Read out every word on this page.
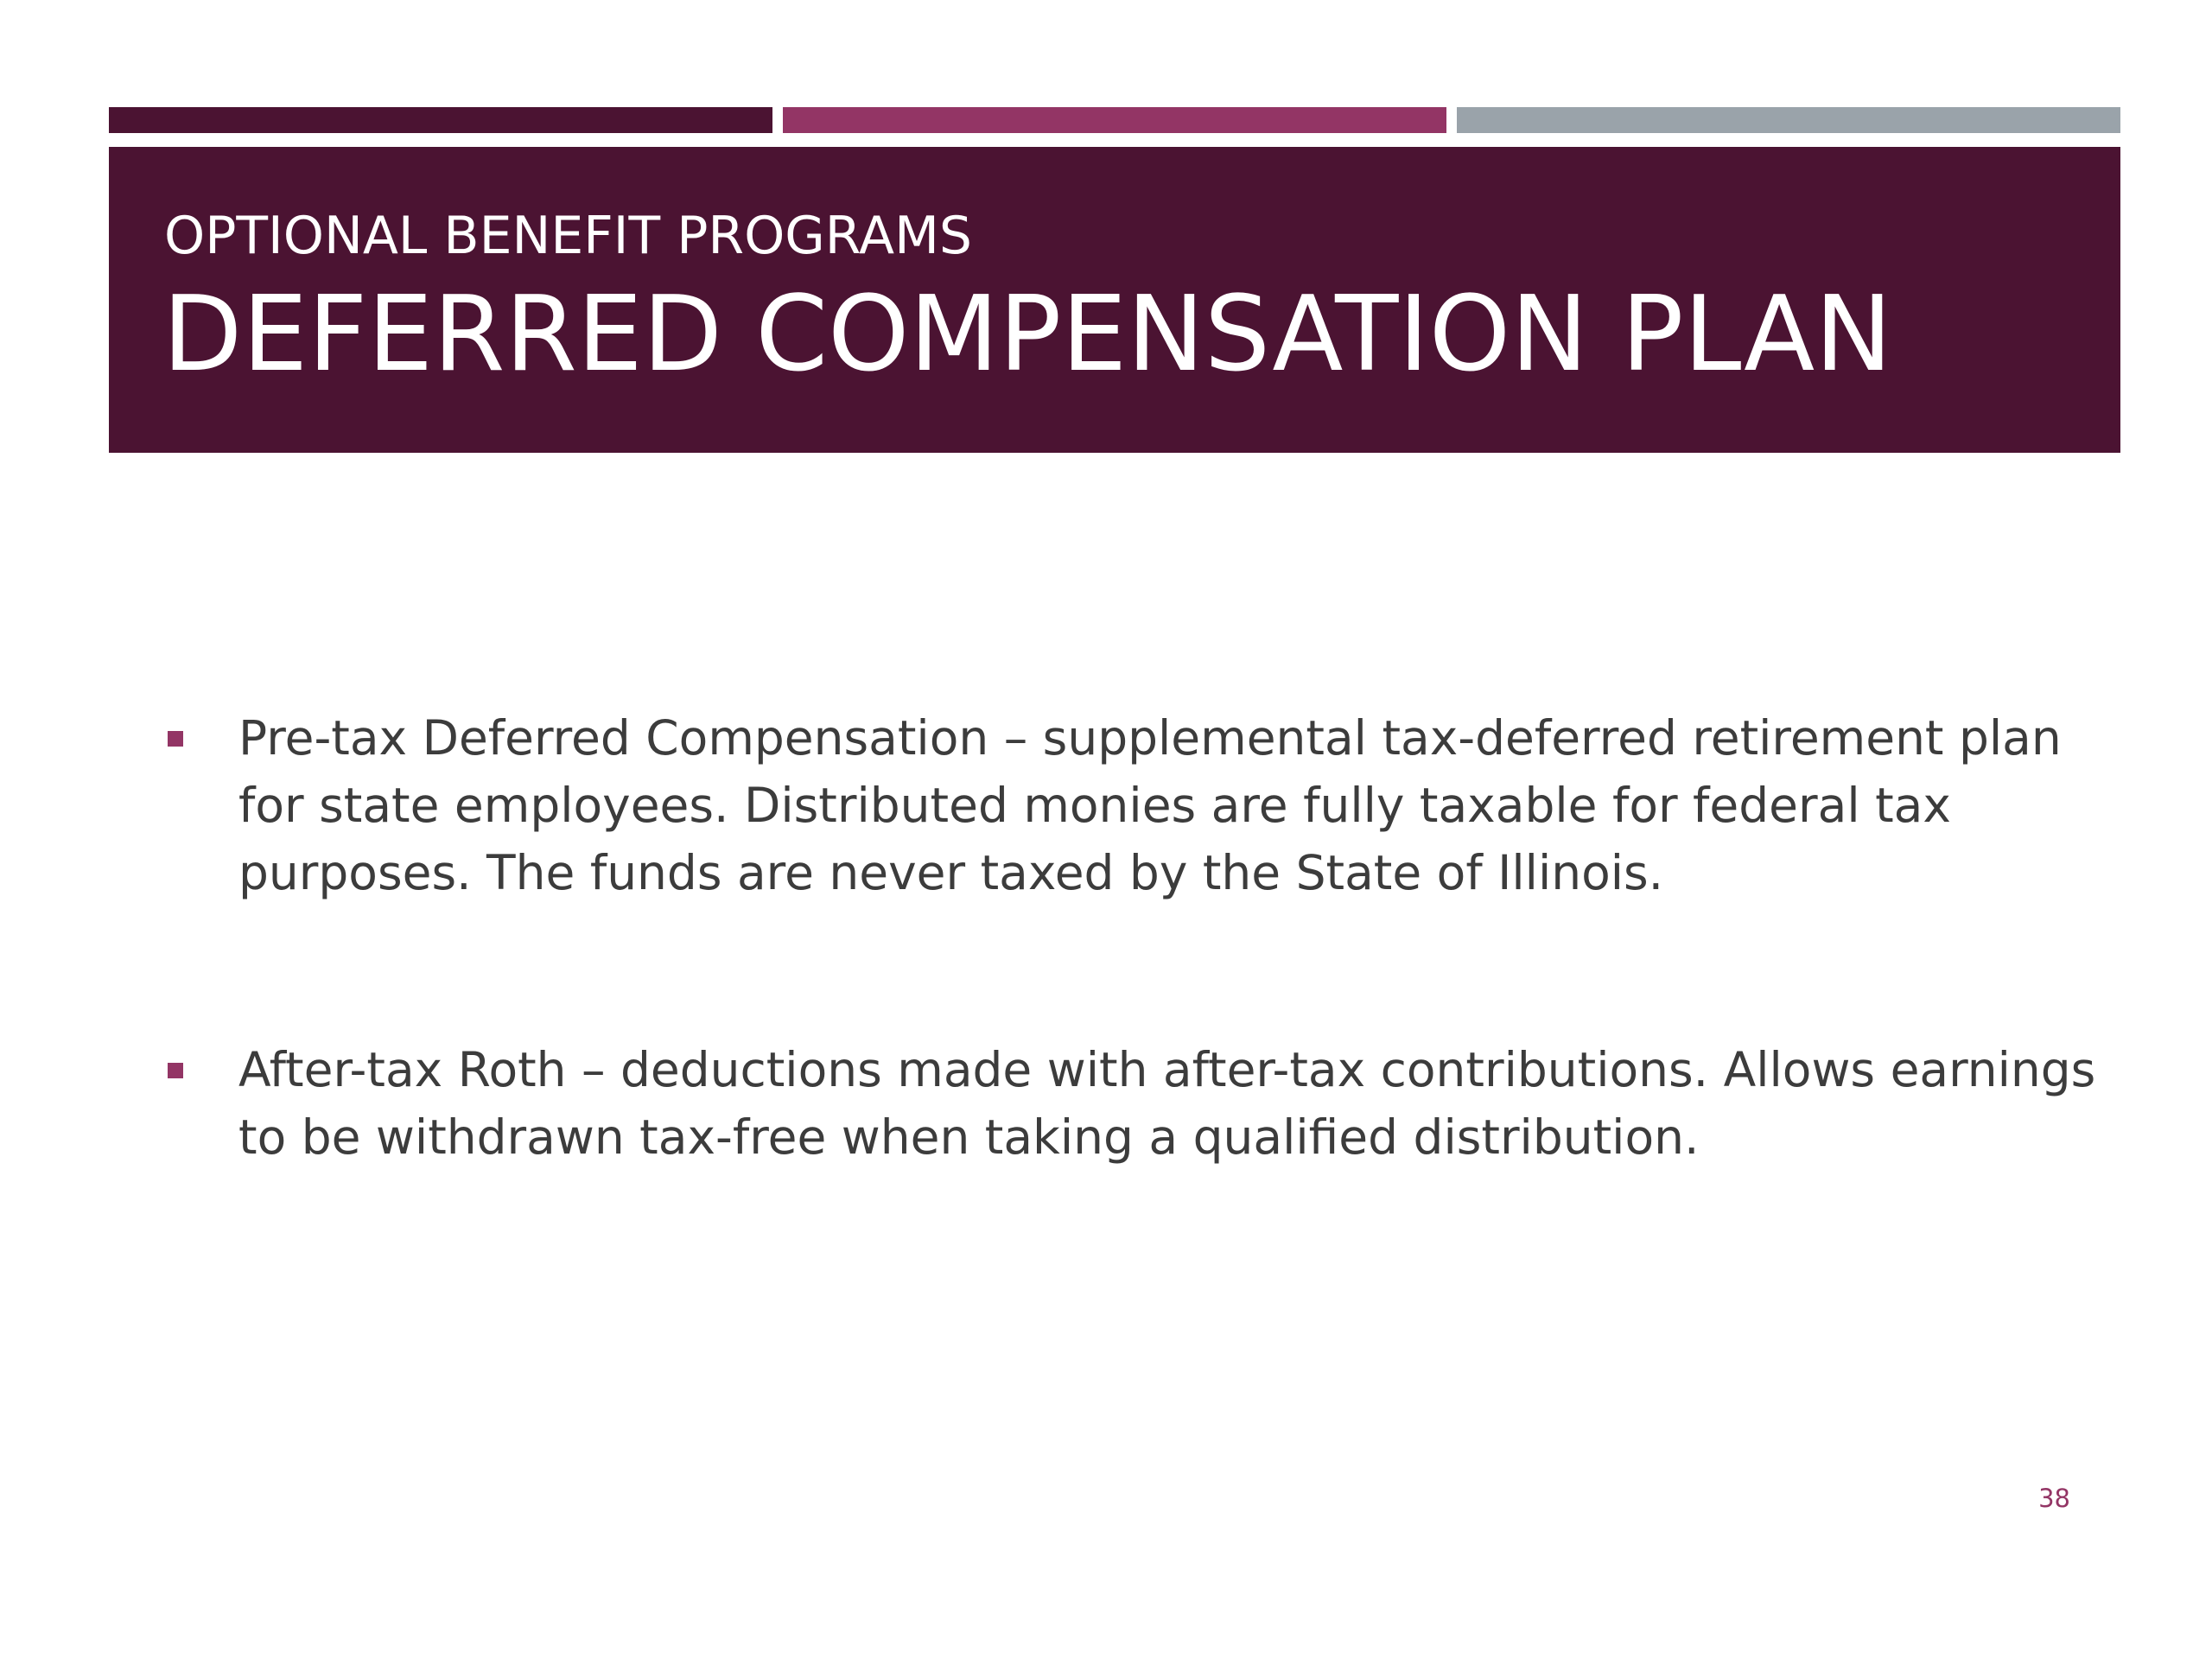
OPTIONAL BENEFIT PROGRAMS
DEFERRED COMPENSATION PLAN
Pre-tax Deferred Compensation – supplemental tax-deferred retirement plan for state employees. Distributed monies are fully taxable for federal tax purposes. The funds are never taxed by the State of Illinois.
After-tax Roth – deductions made with after-tax contributions. Allows earnings to be withdrawn tax-free when taking a qualified distribution.
38
